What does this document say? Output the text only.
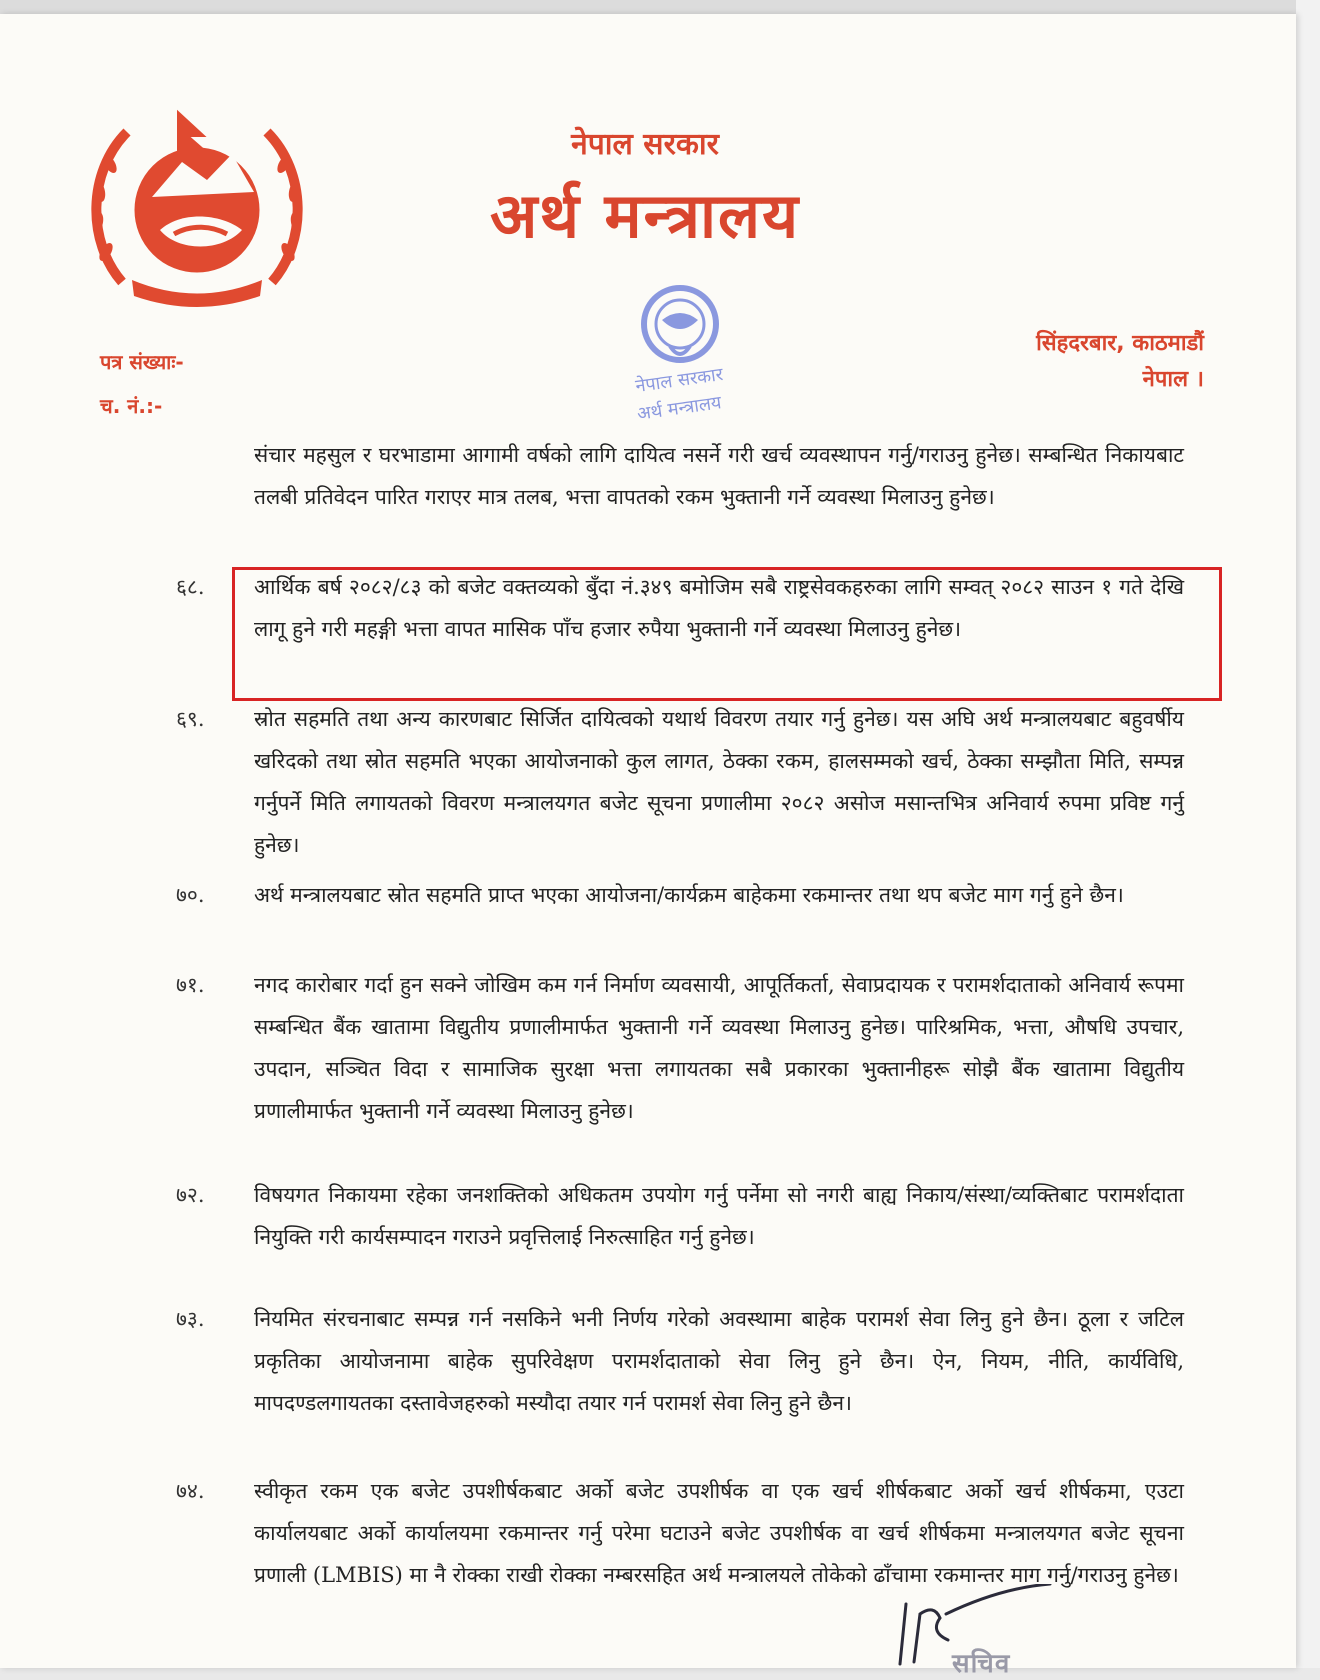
नेपाल सरकार
अर्थ मन्त्रालय
सिंहदरबार, काठमाडौं
नेपाल ।
पत्र संख्याः-
च. नं.:-
नेपाल सरकार
अर्थ मन्त्रालय
संचार महसुल र घरभाडामा आगामी वर्षको लागि दायित्व नसर्ने गरी खर्च व्यवस्थापन गर्नु/गराउनु हुनेछ। सम्बन्धित निकायबाट तलबी प्रतिवेदन पारित गराएर मात्र तलब, भत्ता वापतको रकम भुक्तानी गर्ने व्यवस्था मिलाउनु हुनेछ।
६८. आर्थिक बर्ष २०८२/८३ को बजेट वक्तव्यको बुँदा नं.३४९ बमोजिम सबै राष्ट्रसेवकहरुका लागि सम्वत् २०८२ साउन १ गते देखि लागू हुने गरी महङ्गी भत्ता वापत मासिक पाँच हजार रुपैया भुक्तानी गर्ने व्यवस्था मिलाउनु हुनेछ।
६९. स्रोत सहमति तथा अन्य कारणबाट सिर्जित दायित्वको यथार्थ विवरण तयार गर्नु हुनेछ। यस अघि अर्थ मन्त्रालयबाट बहुवर्षीय खरिदको तथा स्रोत सहमति भएका आयोजनाको कुल लागत, ठेक्का रकम, हालसम्मको खर्च, ठेक्का सम्झौता मिति, सम्पन्न गर्नुपर्ने मिति लगायतको विवरण मन्त्रालयगत बजेट सूचना प्रणालीमा २०८२ असोज मसान्तभित्र अनिवार्य रुपमा प्रविष्ट गर्नु हुनेछ।
७०. अर्थ मन्त्रालयबाट स्रोत सहमति प्राप्त भएका आयोजना/कार्यक्रम बाहेकमा रकमान्तर तथा थप बजेट माग गर्नु हुने छैन।
७१. नगद कारोबार गर्दा हुन सक्ने जोखिम कम गर्न निर्माण व्यवसायी, आपूर्तिकर्ता, सेवाप्रदायक र परामर्शदाताको अनिवार्य रूपमा सम्बन्धित बैंक खातामा विद्युतीय प्रणालीमार्फत भुक्तानी गर्ने व्यवस्था मिलाउनु हुनेछ। पारिश्रमिक, भत्ता, औषधि उपचार, उपदान, सञ्चित विदा र सामाजिक सुरक्षा भत्ता लगायतका सबै प्रकारका भुक्तानीहरू सोझै बैंक खातामा विद्युतीय प्रणालीमार्फत भुक्तानी गर्ने व्यवस्था मिलाउनु हुनेछ।
७२. विषयगत निकायमा रहेका जनशक्तिको अधिकतम उपयोग गर्नु पर्नेमा सो नगरी बाह्य निकाय/संस्था/व्यक्तिबाट परामर्शदाता नियुक्ति गरी कार्यसम्पादन गराउने प्रवृत्तिलाई निरुत्साहित गर्नु हुनेछ।
७३. नियमित संरचनाबाट सम्पन्न गर्न नसकिने भनी निर्णय गरेको अवस्थामा बाहेक परामर्श सेवा लिनु हुने छैन। ठूला र जटिल प्रकृतिका आयोजनामा बाहेक सुपरिवेक्षण परामर्शदाताको सेवा लिनु हुने छैन। ऐन, नियम, नीति, कार्यविधि, मापदण्डलगायतका दस्तावेजहरुको मस्यौदा तयार गर्न परामर्श सेवा लिनु हुने छैन।
७४. स्वीकृत रकम एक बजेट उपशीर्षकबाट अर्को बजेट उपशीर्षक वा एक खर्च शीर्षकबाट अर्को खर्च शीर्षकमा, एउटा कार्यालयबाट अर्को कार्यालयमा रकमान्तर गर्नु परेमा घटाउने बजेट उपशीर्षक वा खर्च शीर्षकमा मन्त्रालयगत बजेट सूचना प्रणाली (LMBIS) मा नै रोक्का राखी रोक्का नम्बरसहित अर्थ मन्त्रालयले तोकेको ढाँचामा रकमान्तर माग गर्नु/गराउनु हुनेछ।
सचिव
